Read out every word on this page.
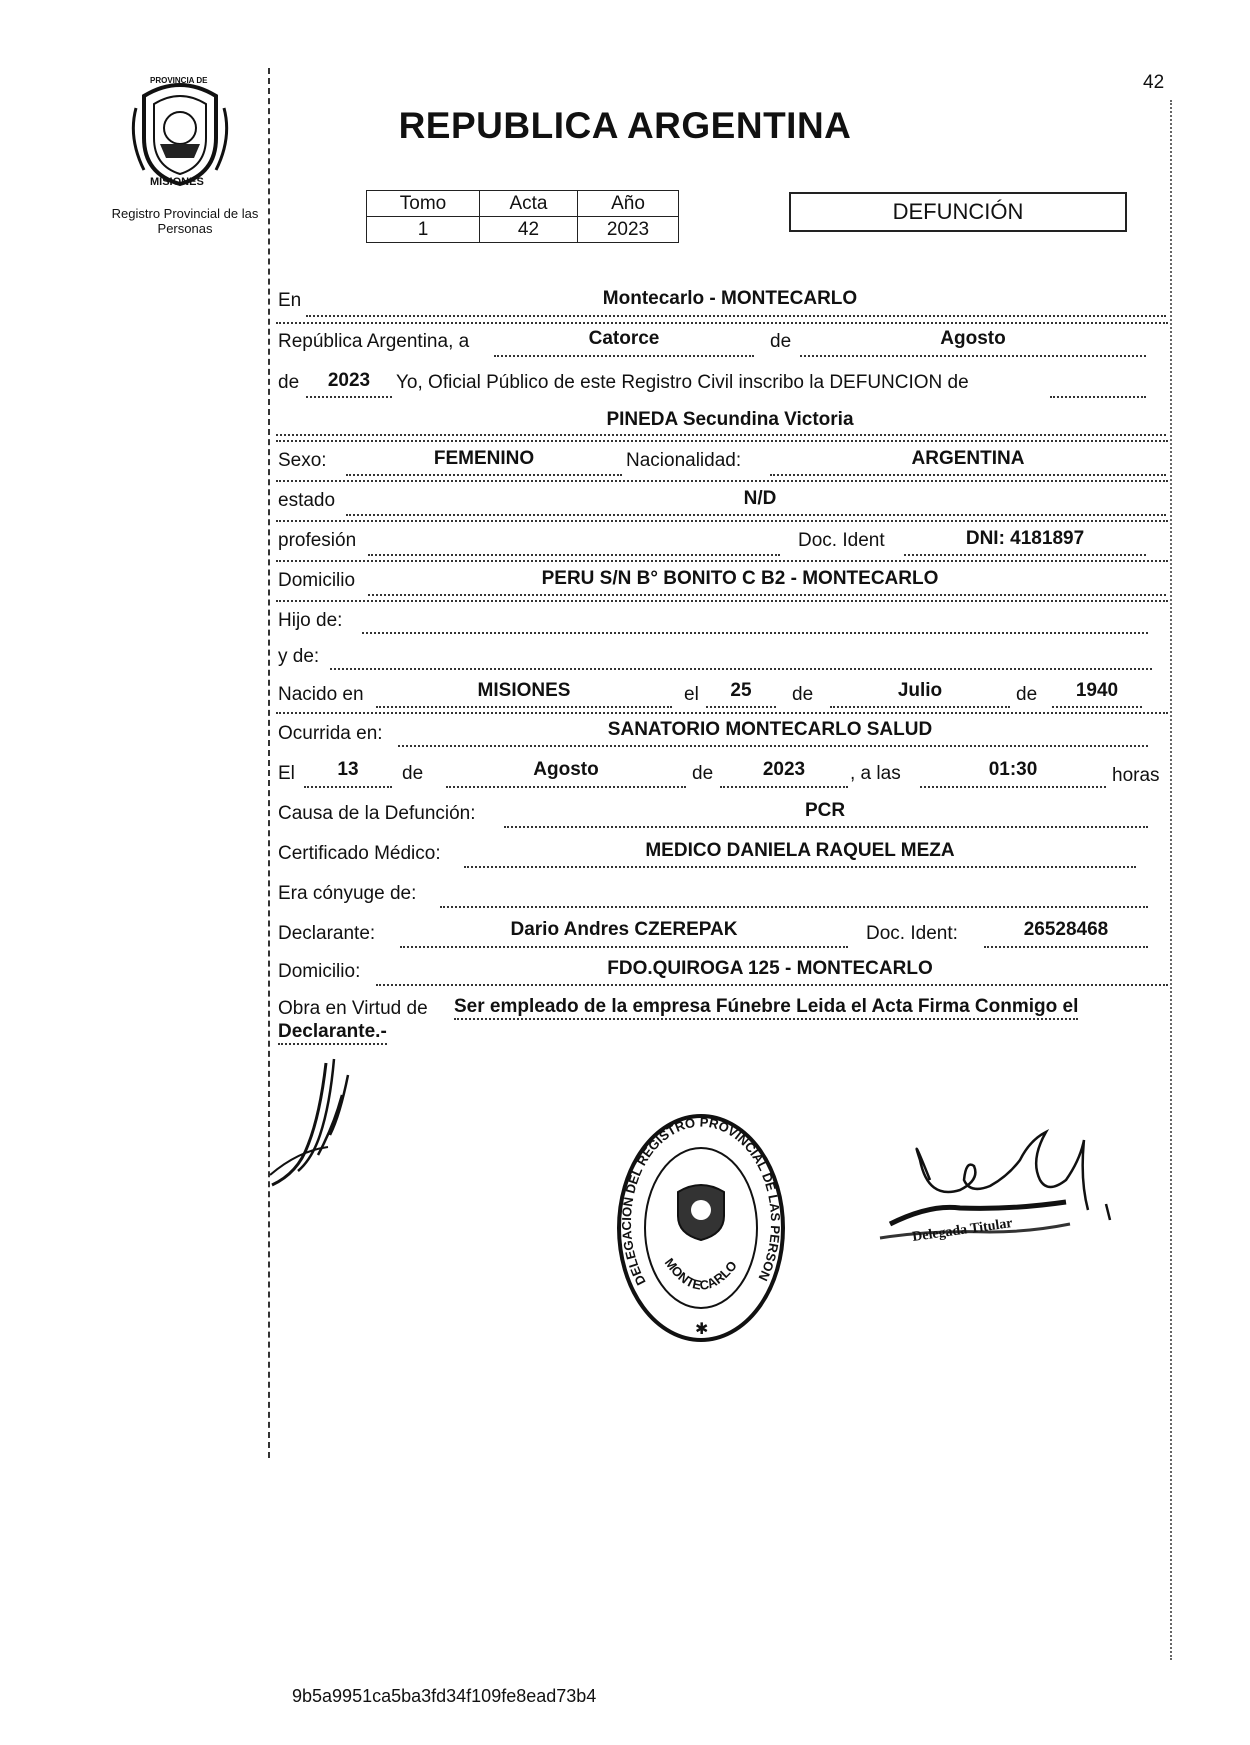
42
PROVINCIA DE
MISIONES
Registro Provincial de las Personas
REPUBLICA ARGENTINA
Tomo	Acta	Año
1	42	2023
DEFUNCIÓN
En	Montecarlo - MONTECARLO
República Argentina, a	Catorce	de	Agosto
de	2023	Yo, Oficial Público de este Registro Civil inscribo la DEFUNCION de
PINEDA Secundina Victoria
Sexo:	FEMENINO	Nacionalidad:	ARGENTINA
estado	N/D
profesión	Doc. Ident	DNI: 4181897
Domicilio	PERU S/N B° BONITO C B2 - MONTECARLO
Hijo de:
y de:
Nacido en	MISIONES	el	25	de	Julio	de	1940
Ocurrida en:	SANATORIO MONTECARLO SALUD
El	13	de	Agosto	de	2023	, a las	01:30	horas
Causa de la Defunción:	PCR
Certificado Médico:	MEDICO DANIELA RAQUEL MEZA
Era cónyuge de:
Declarante:	Dario Andres CZEREPAK	Doc. Ident:	26528468
Domicilio:	FDO.QUIROGA 125 - MONTECARLO
Obra en Virtud de Ser empleado de la empresa Fúnebre Leida el Acta Firma Conmigo el
Declarante.-
DELEGACION DEL REGISTRO PROVINCIAL DE LAS PERSON
MONTECARLO
✱
Delegada Titular
9b5a9951ca5ba3fd34f109fe8ead73b4
